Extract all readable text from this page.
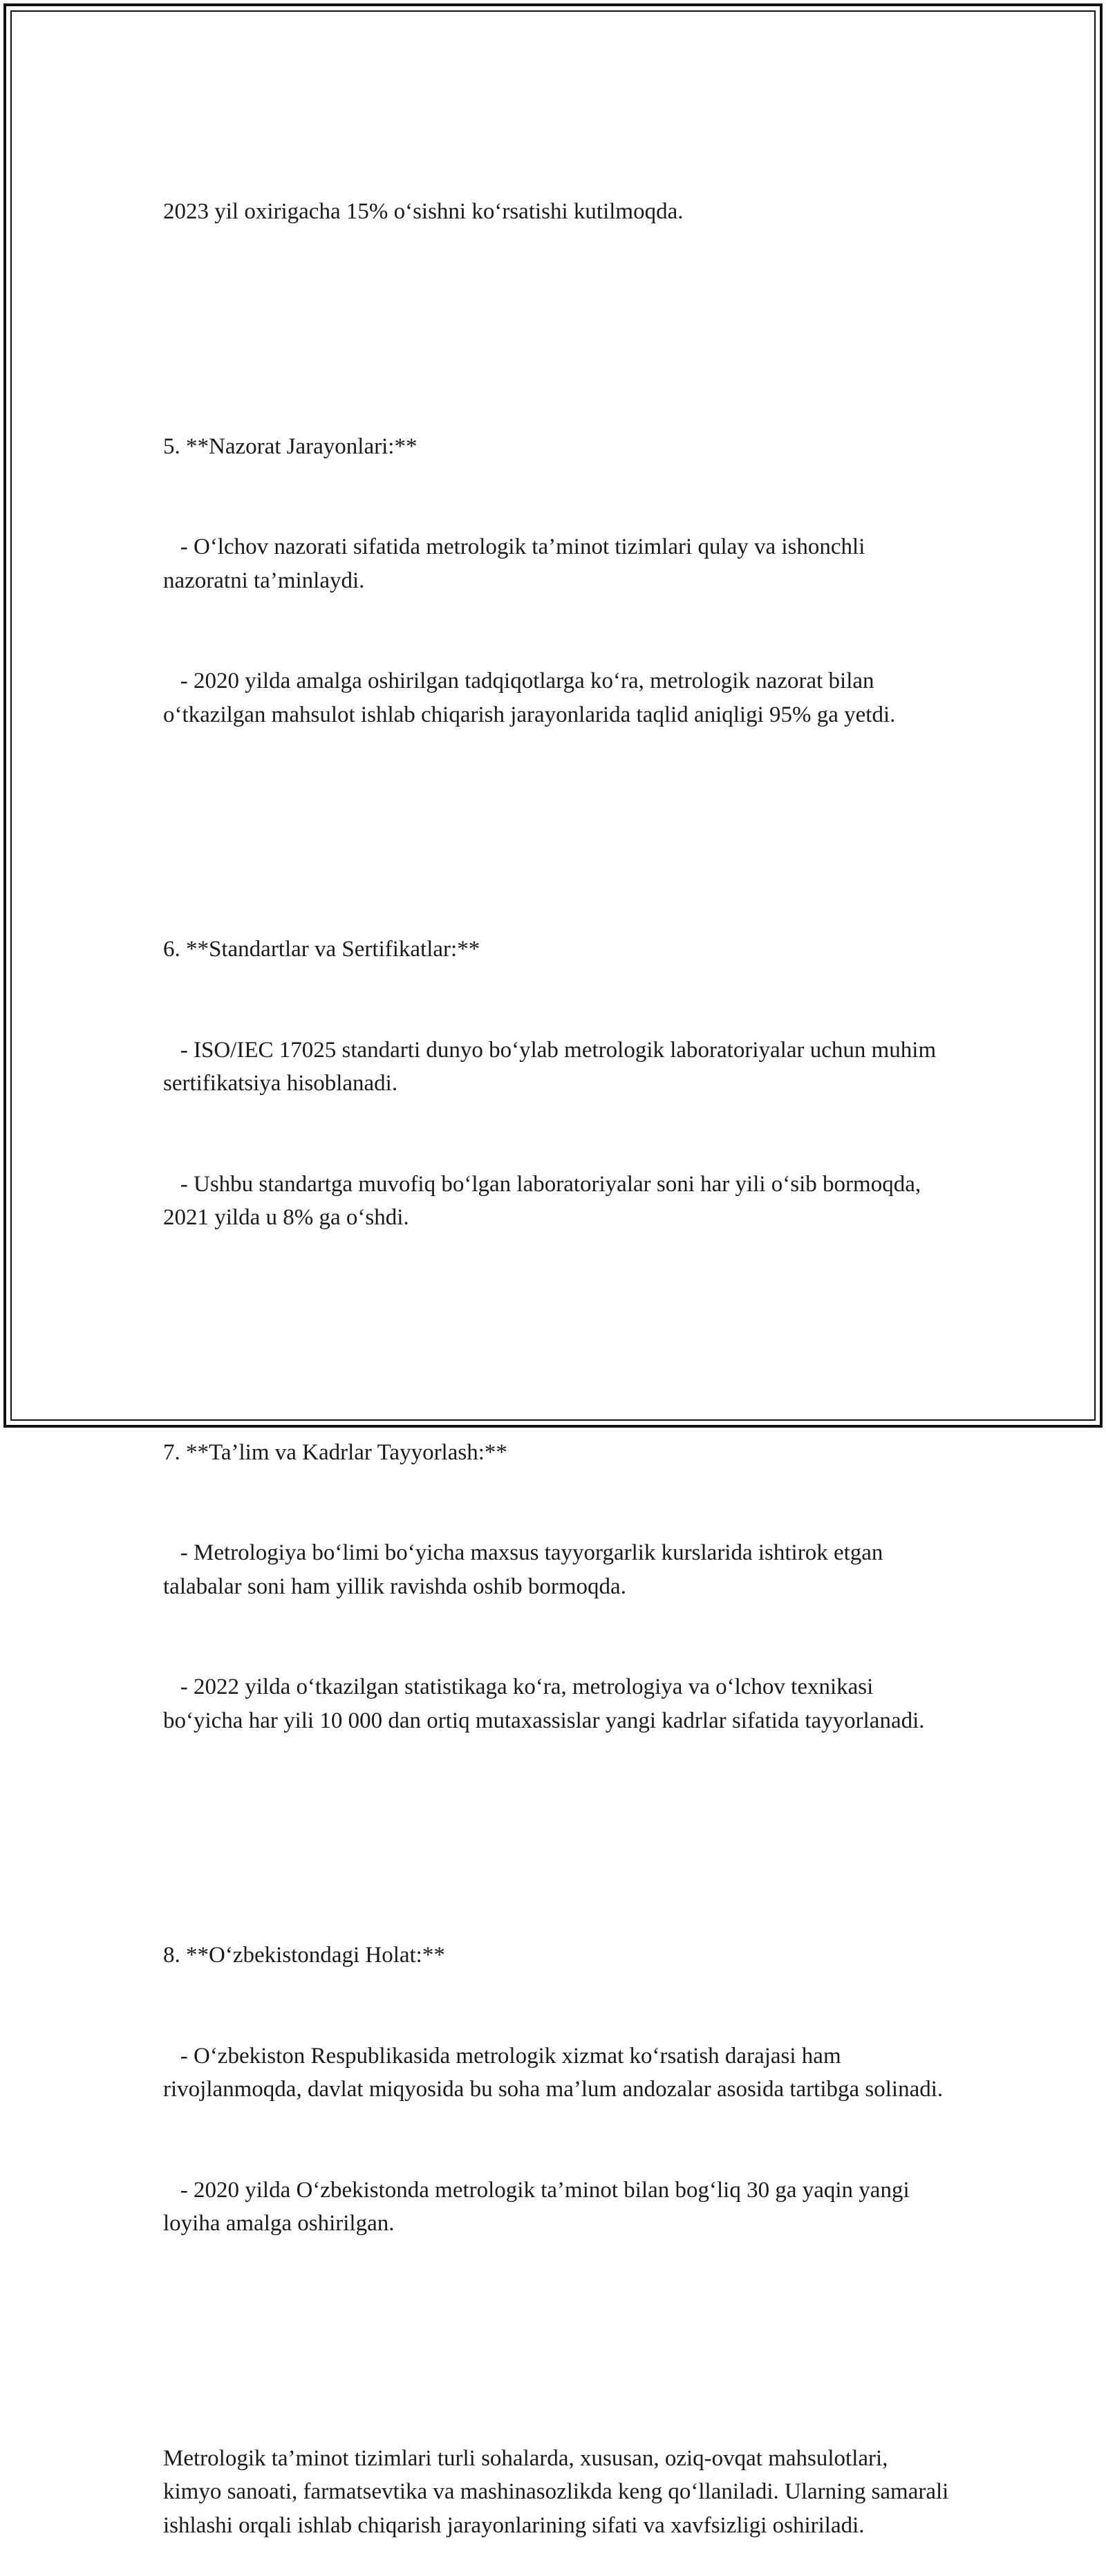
2023 yil oxirigacha 15% o‘sishni ko‘rsatishi kutilmoqda.

5. **Nazorat Jarayonlari:**

- O‘lchov nazorati sifatida metrologik ta’minot tizimlari qulay va ishonchli nazoratni ta’minlaydi.

- 2020 yilda amalga oshirilgan tadqiqotlarga ko‘ra, metrologik nazorat bilan o‘tkazilgan mahsulot ishlab chiqarish jarayonlarida taqlid aniqligi 95% ga yetdi.

6. **Standartlar va Sertifikatlar:**

- ISO/IEC 17025 standarti dunyo bo‘ylab metrologik laboratoriyalar uchun muhim sertifikatsiya hisoblanadi.

- Ushbu standartga muvofiq bo‘lgan laboratoriyalar soni har yili o‘sib bormoqda, 2021 yilda u 8% ga o‘shdi.

7. **Ta’lim va Kadrlar Tayyorlash:**

- Metrologiya bo‘limi bo‘yicha maxsus tayyorgarlik kurslarida ishtirok etgan talabalar soni ham yillik ravishda oshib bormoqda.

- 2022 yilda o‘tkazilgan statistikaga ko‘ra, metrologiya va o‘lchov texnikasi bo‘yicha har yili 10 000 dan ortiq mutaxassislar yangi kadrlar sifatida tayyorlanadi.

8. **O‘zbekistondagi Holat:**

- O‘zbekiston Respublikasida metrologik xizmat ko‘rsatish darajasi ham rivojlanmoqda, davlat miqyosida bu soha ma’lum andozalar asosida tartibga solinadi.

- 2020 yilda O‘zbekistonda metrologik ta’minot bilan bog‘liq 30 ga yaqin yangi loyiha amalga oshirilgan.

Metrologik ta’minot tizimlari turli sohalarda, xususan, oziq-ovqat mahsulotlari, kimyo sanoati, farmatsevtika va mashinasozlikda keng qo‘llaniladi. Ularning samarali ishlashi orqali ishlab chiqarish jarayonlarining sifati va xavfsizligi oshiriladi.
